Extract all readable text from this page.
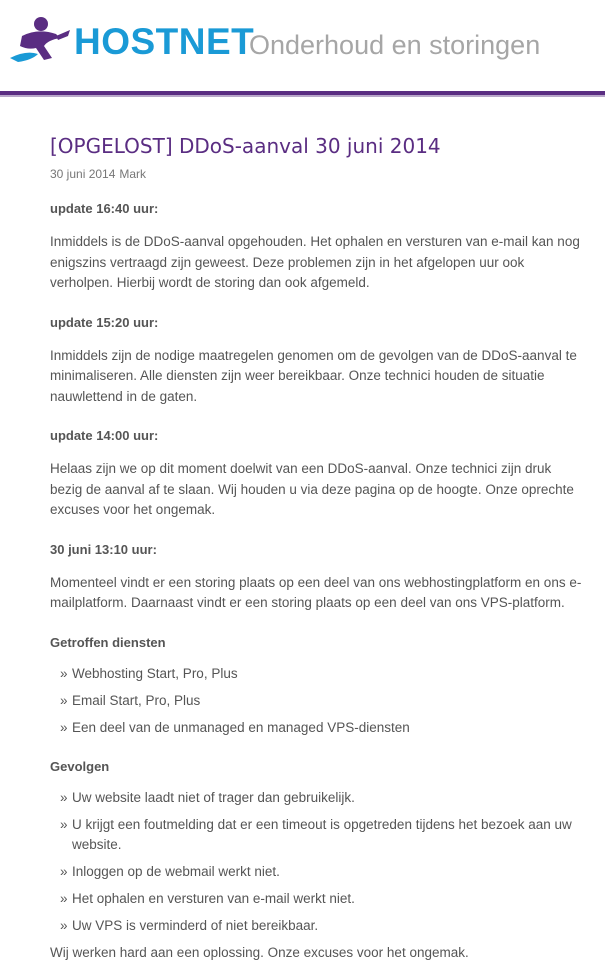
HOSTNET
Onderhoud en storingen
[OPGELOST] DDoS-aanval 30 juni 2014
30 juni 2014 Mark
update 16:40 uur:

Inmiddels is de DDoS-aanval opgehouden. Het ophalen en versturen van e-mail kan nog enigszins vertraagd zijn geweest. Deze problemen zijn in het afgelopen uur ook verholpen. Hierbij wordt de storing dan ook afgemeld.

update 15:20 uur:

Inmiddels zijn de nodige maatregelen genomen om de gevolgen van de DDoS-aanval te minimaliseren. Alle diensten zijn weer bereikbaar. Onze technici houden de situatie nauwlettend in de gaten.

update 14:00 uur:

Helaas zijn we op dit moment doelwit van een DDoS-aanval. Onze technici zijn druk bezig de aanval af te slaan. Wij houden u via deze pagina op de hoogte. Onze oprechte excuses voor het ongemak.

30 juni 13:10 uur:

Momenteel vindt er een storing plaats op een deel van ons webhostingplatform en ons e-mailplatform. Daarnaast vindt er een storing plaats op een deel van ons VPS-platform.

Getroffen diensten
» Webhosting Start, Pro, Plus
» Email Start, Pro, Plus
» Een deel van de unmanaged en managed VPS-diensten
Gevolgen
» Uw website laadt niet of trager dan gebruikelijk.
» U krijgt een foutmelding dat er een timeout is opgetreden tijdens het bezoek aan uw website.
» Inloggen op de webmail werkt niet.
» Het ophalen en versturen van e-mail werkt niet.
» Uw VPS is verminderd of niet bereikbaar.

Wij werken hard aan een oplossing. Onze excuses voor het ongemak.
